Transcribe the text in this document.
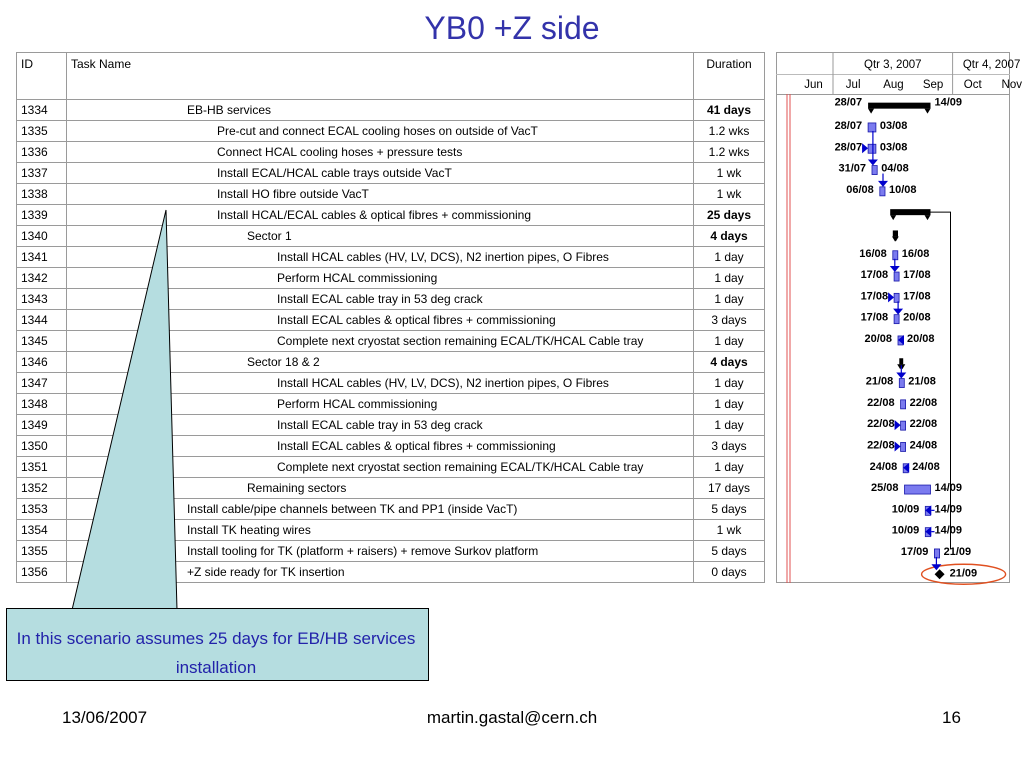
YB0 +Z side
ID	Task Name	Duration
1334	EB-HB services	41 days
1335	Pre-cut and connect ECAL cooling hoses on outside of VacT	1.2 wks
1336	Connect HCAL cooling hoses + pressure tests	1.2 wks
1337	Install ECAL/HCAL cable trays outside VacT	1 wk
1338	Install HO fibre outside VacT	1 wk
1339	Install HCAL/ECAL cables & optical fibres + commissioning	25 days
1340	Sector 1	4 days
1341	Install HCAL cables (HV, LV, DCS), N2 inertion pipes, O Fibres	1 day
1342	Perform HCAL commissioning	1 day
1343	Install ECAL cable tray in 53 deg crack	1 day
1344	Install ECAL cables & optical fibres + commissioning	3 days
1345	Complete next cryostat section remaining ECAL/TK/HCAL Cable tray	1 day
1346	Sector 18 & 2	4 days
1347	Install HCAL cables (HV, LV, DCS), N2 inertion pipes, O Fibres	1 day
1348	Perform HCAL commissioning	1 day
1349	Install ECAL cable tray in 53 deg crack	1 day
1350	Install ECAL cables & optical fibres + commissioning	3 days
1351	Complete next cryostat section remaining ECAL/TK/HCAL Cable tray	1 day
1352	Remaining sectors	17 days
1353	Install cable/pipe channels between TK and PP1 (inside VacT)	5 days
1354	Install TK heating wires	1 wk
1355	Install tooling for TK (platform + raisers) + remove Surkov platform	5 days
1356	+Z side ready for TK insertion	0 days
Qtr 3, 2007	Qtr 4, 2007
Jun Jul Aug Sep Oct Nov
28/07	14/09
28/07 03/08
28/07 03/08
31/07 04/08
06/08 10/08
16/08 16/08
17/08 17/08
17/08 17/08
17/08 20/08
20/08 20/08
21/08 21/08
22/08 22/08
22/08 22/08
22/08 24/08
24/08 24/08
25/08	14/09
10/09 14/09
10/09 14/09
17/09 21/09
21/09
In this scenario assumes 25 days for EB/HB services installation
13/06/2007	martin.gastal@cern.ch	16
